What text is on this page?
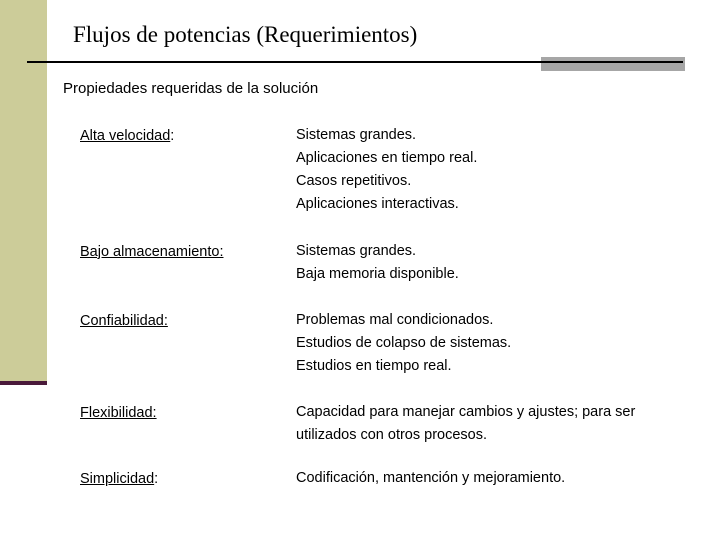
Flujos de potencias (Requerimientos)
Propiedades requeridas de la solución
Alta velocidad:	Sistemas grandes.
Aplicaciones en tiempo real.
Casos repetitivos.
Aplicaciones interactivas.
Bajo almacenamiento:	Sistemas grandes.
Baja memoria disponible.
Confiabilidad:	Problemas mal condicionados.
Estudios de colapso de sistemas.
Estudios en tiempo real.
Flexibilidad:	Capacidad para manejar cambios y ajustes; para ser
utilizados con otros procesos.
Simplicidad:	Codificación, mantención y mejoramiento.
